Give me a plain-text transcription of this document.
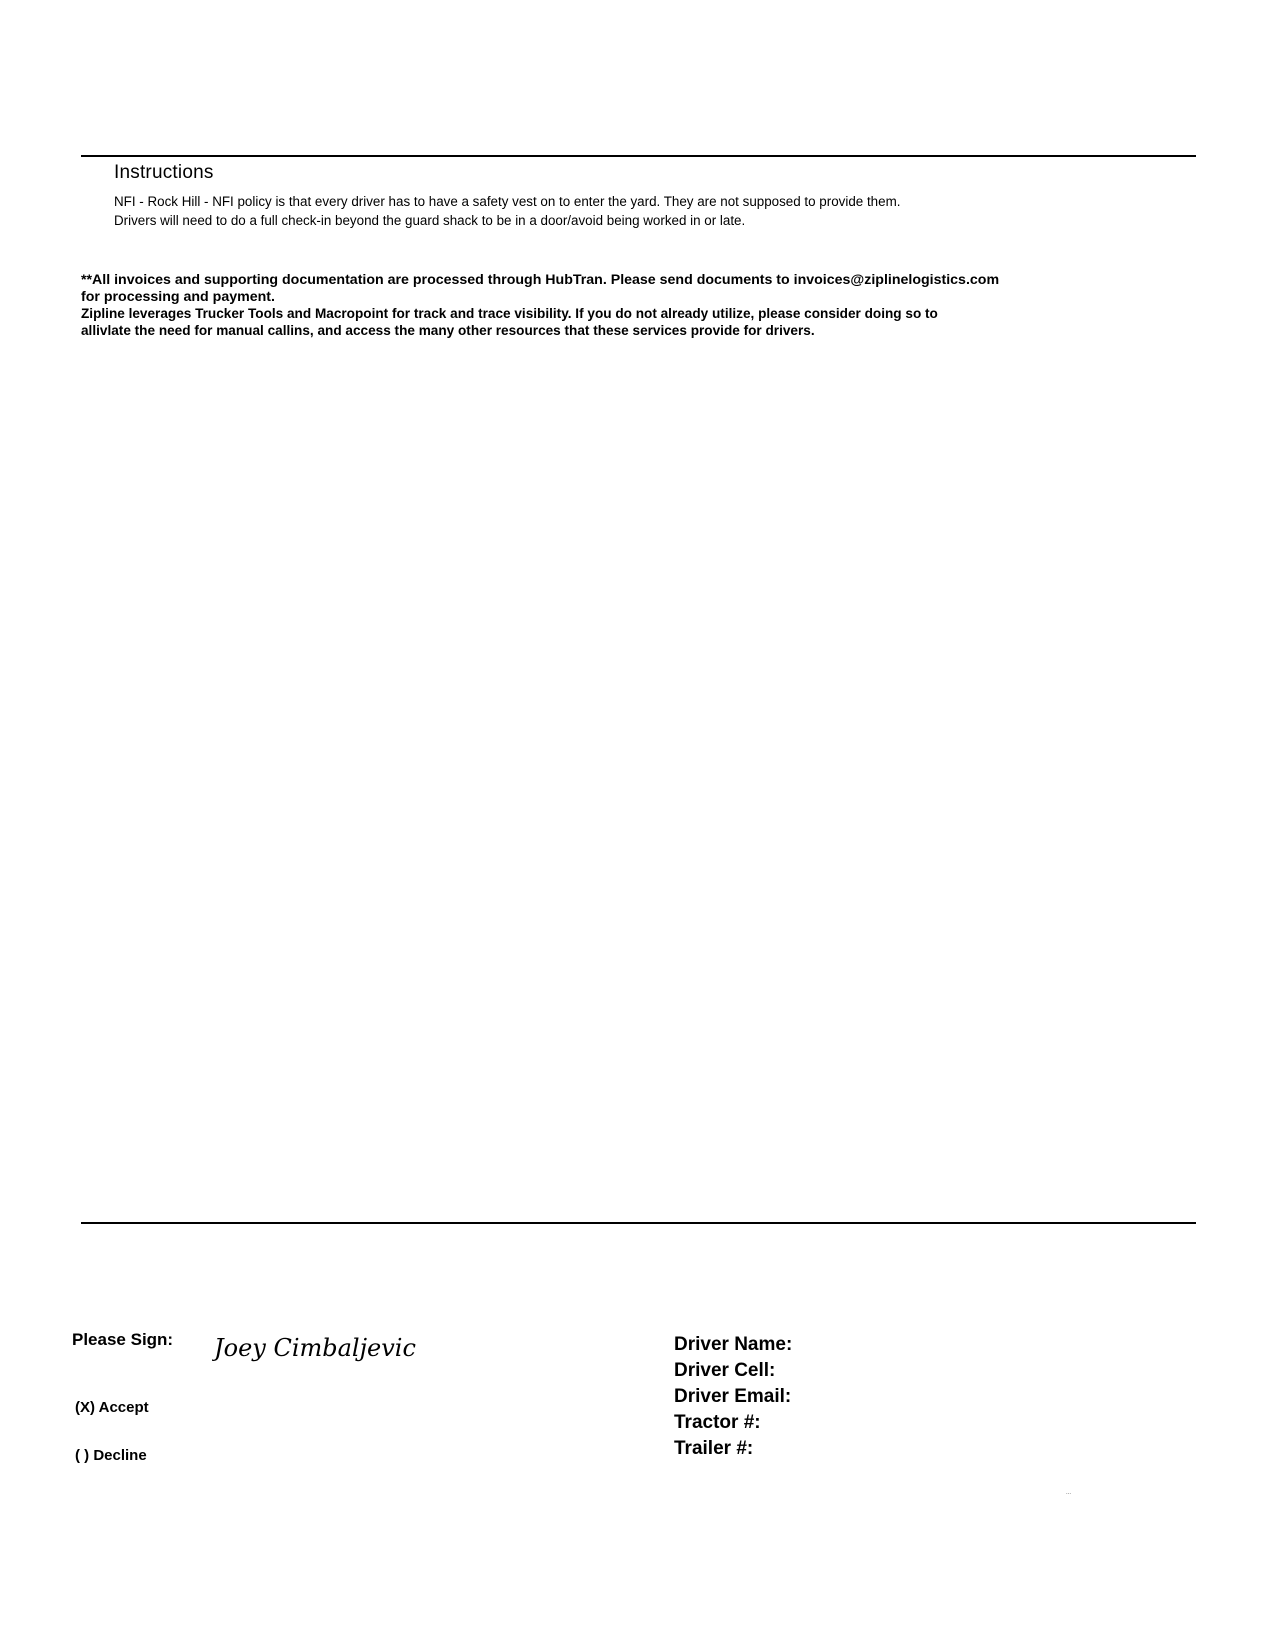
Instructions
NFI - Rock Hill - NFI policy is that every driver has to have a safety vest on to enter the yard. They are not supposed to provide them.
Drivers will need to do a full check-in beyond the guard shack to be in a door/avoid being worked in or late.
**All invoices and supporting documentation are processed through HubTran. Please send documents to invoices@ziplinelogistics.com
for processing and payment.
Zipline leverages Trucker Tools and Macropoint for track and trace visibility. If you do not already utilize, please consider doing so to
allivlate the need for manual callins, and access the many other resources that these services provide for drivers.
Please Sign: Joey Cimbaljevic
(X) Accept
( ) Decline
Driver Name:
Driver Cell:
Driver Email:
Tractor #:
Trailer #:
...
